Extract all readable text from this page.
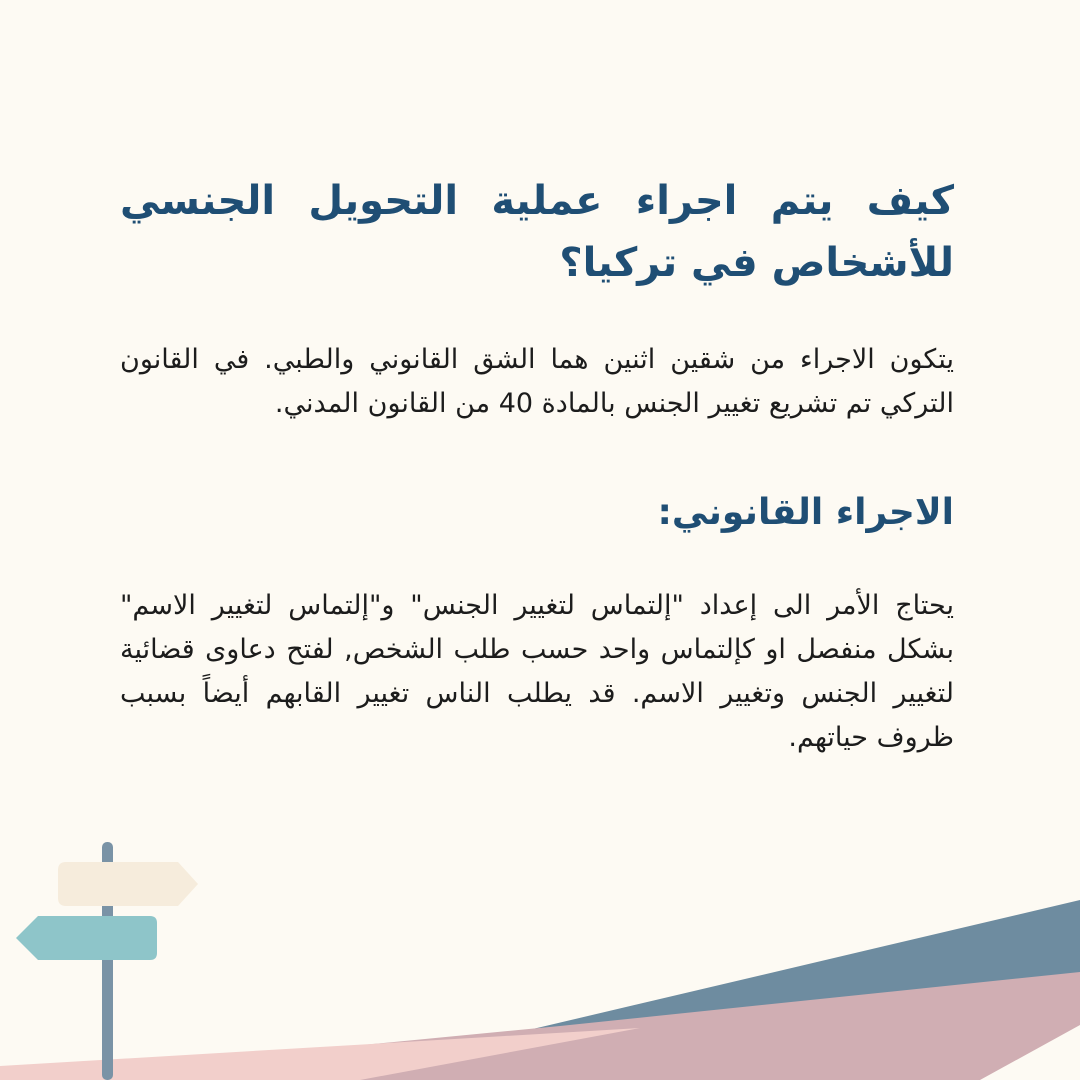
كيف يتم اجراء عملية التحويل الجنسي للأشخاص في تركيا؟

يتكون الاجراء من شقين اثنين هما الشق القانوني والطبي. في القانون التركي تم تشريع تغيير الجنس بالمادة 40 من القانون المدني.

الاجراء القانوني:

يحتاج الأمر الى إعداد "إلتماس لتغيير الجنس" و"إلتماس لتغيير الاسم" بشكل منفصل او كإلتماس واحد حسب طلب الشخص, لفتح دعاوى قضائية لتغيير الجنس وتغيير الاسم. قد يطلب الناس تغيير القابهم أيضاً بسبب ظروف حياتهم.
